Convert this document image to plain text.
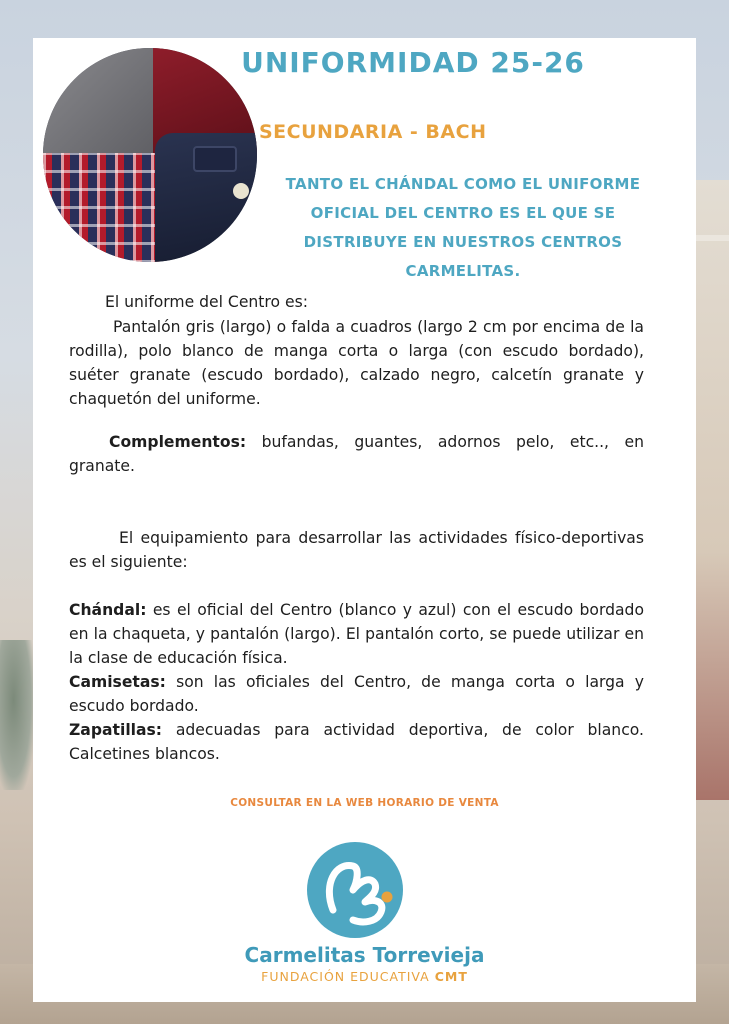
UNIFORMIDAD 25-26
SECUNDARIA - BACH

TANTO EL CHÁNDAL COMO EL UNIFORME OFICIAL DEL CENTRO ES EL QUE SE DISTRIBUYE EN NUESTROS CENTROS CARMELITAS.

El uniforme del Centro es:

Pantalón gris (largo) o falda a cuadros (largo 2 cm por encima de la rodilla), polo blanco de manga corta o larga (con escudo bordado), suéter granate (escudo bordado), calzado negro, calcetín granate y chaquetón del uniforme.

Complementos: bufandas, guantes, adornos pelo, etc.., en granate.

El equipamiento para desarrollar las actividades físico-deportivas es el siguiente:

Chándal: es el oficial del Centro (blanco y azul) con el escudo bordado en la chaqueta, y pantalón (largo). El pantalón corto, se puede utilizar en la clase de educación física.

Camisetas: son las oficiales del Centro, de manga corta o larga y escudo bordado.

Zapatillas: adecuadas para actividad deportiva, de color blanco. Calcetines blancos.

CONSULTAR EN LA WEB HORARIO DE VENTA

Carmelitas Torrevieja

FUNDACIÓN EDUCATIVA CMT
